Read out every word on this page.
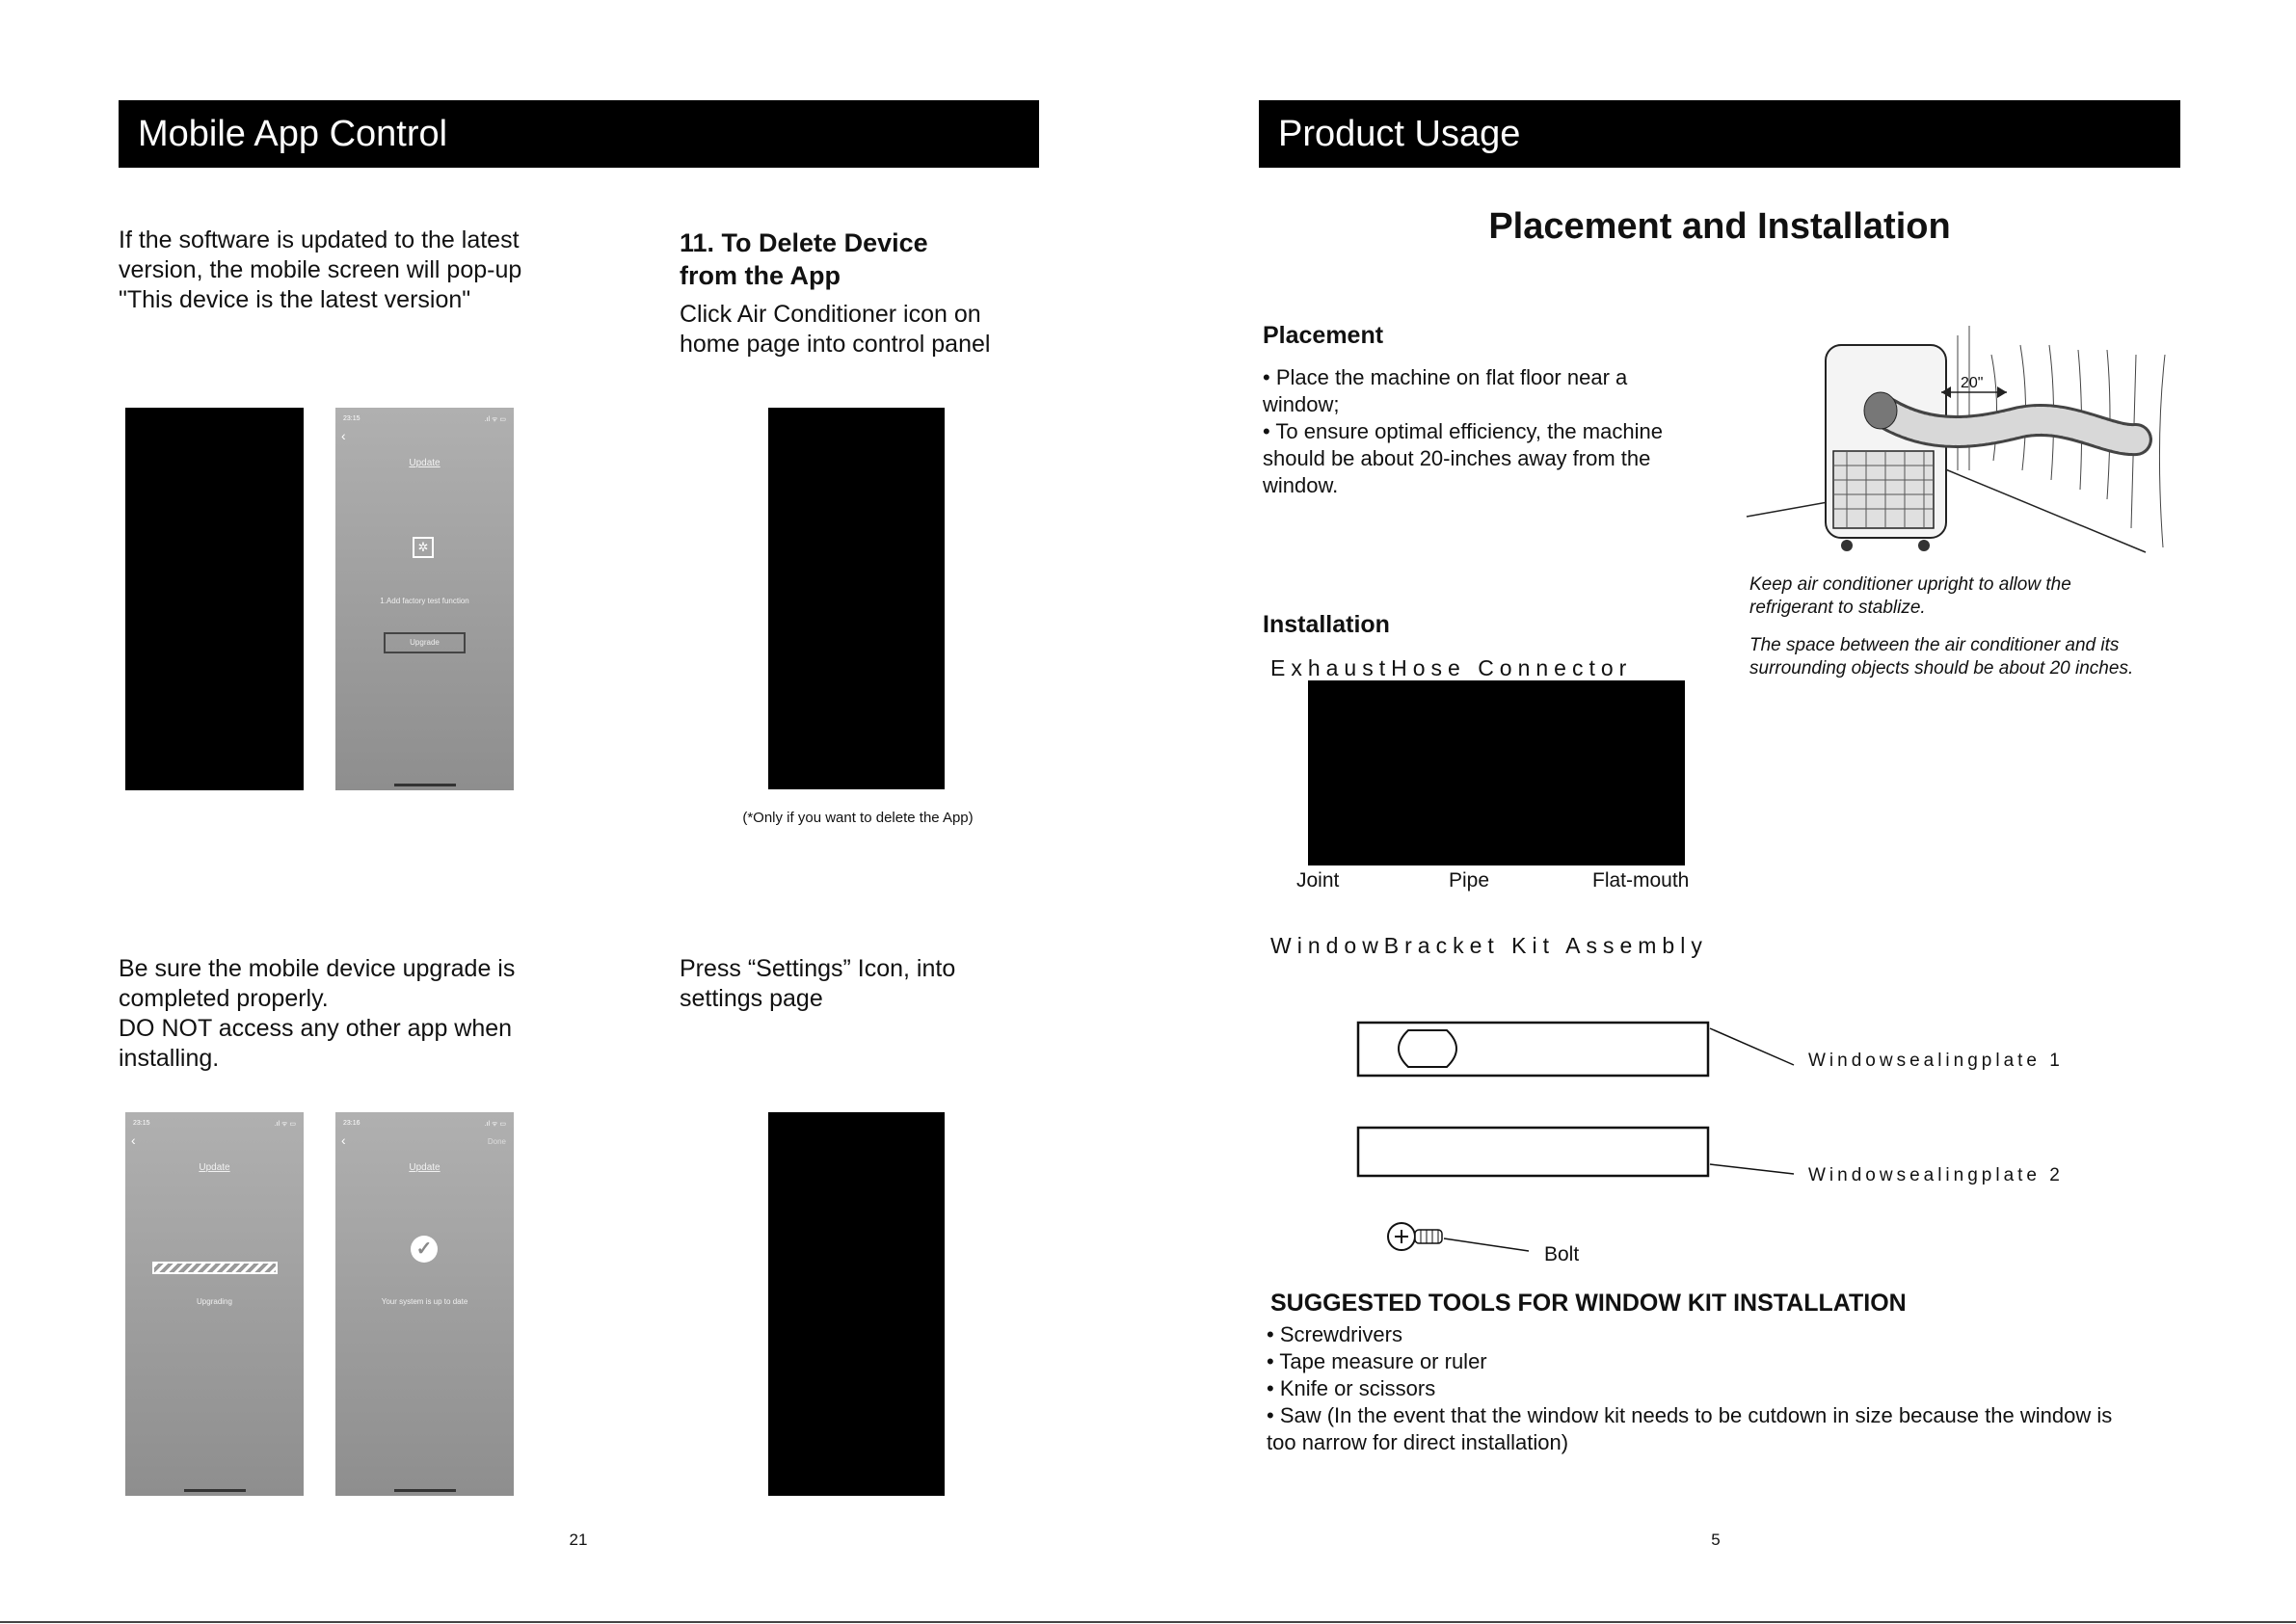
Mobile App Control
If the software is updated to the latest
version, the mobile screen will pop-up
"This device is the latest version"
23:15	.ıl ᯤ ▭
‹
Update
✲
1.Add factory test function
Upgrade
11. To Delete Device
from the App
Click Air Conditioner icon on
home page into control panel
(*Only if you want to delete the App)
Be sure the mobile device upgrade is
completed properly.
DO NOT access any other app when
installing.
23:15	.ıl ᯤ ▭
‹
Update
Upgrading
23:16	.ıl ᯤ ▭
‹	Done
Update
✓
Your system is up to date
Press “Settings” Icon, into
settings page
21
Product Usage
Placement and Installation
Placement
• Place the machine on flat floor near a
window;
• To ensure optimal efficiency, the machine
should be about 20-inches away from the
window.
20"
Keep air conditioner upright to allow the
refrigerant to stablize.
The space between the air conditioner and its
surrounding objects should be about 20 inches.
Installation
ExhaustHose Connector
Joint	Pipe	Flat-mouth
WindowBracket Kit Assembly
Windowsealingplate 1
Windowsealingplate 2
Bolt
SUGGESTED TOOLS FOR WINDOW KIT INSTALLATION
• Screwdrivers
• Tape measure or ruler
• Knife or scissors
• Saw (In the event that the window kit needs to be cutdown in size because the window is
too narrow for direct installation)
5
